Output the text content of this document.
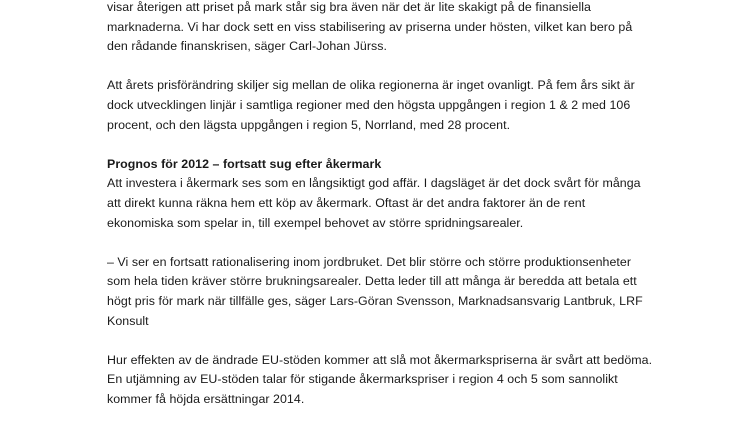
visar återigen att priset på mark står sig bra även när det är lite skakigt på de finansiella
marknaderna. Vi har dock sett en viss stabilisering av priserna under hösten, vilket kan bero på
den rådande finanskrisen, säger Carl-Johan Jürss.
Att årets prisförändring skiljer sig mellan de olika regionerna är inget ovanligt. På fem års sikt är
dock utvecklingen linjär i samtliga regioner med den högsta uppgången i region 1 & 2 med 106
procent, och den lägsta uppgången i region 5, Norrland, med 28 procent.
Prognos för 2012 – fortsatt sug efter åkermark
Att investera i åkermark ses som en långsiktigt god affär. I dagsläget är det dock svårt för många
att direkt kunna räkna hem ett köp av åkermark. Oftast är det andra faktorer än de rent
ekonomiska som spelar in, till exempel behovet av större spridningsarealer.
– Vi ser en fortsatt rationalisering inom jordbruket. Det blir större och större produktionsenheter
som hela tiden kräver större brukningsarealer. Detta leder till att många är beredda att betala ett
högt pris för mark när tillfälle ges, säger Lars-Göran Svensson, Marknadsansvarig Lantbruk, LRF
Konsult
Hur effekten av de ändrade EU-stöden kommer att slå mot åkermarkspriserna är svårt att bedöma.
En utjämning av EU-stöden talar för stigande åkermarkspriser i region 4 och 5 som sannolikt
kommer få höjda ersättningar 2014.
